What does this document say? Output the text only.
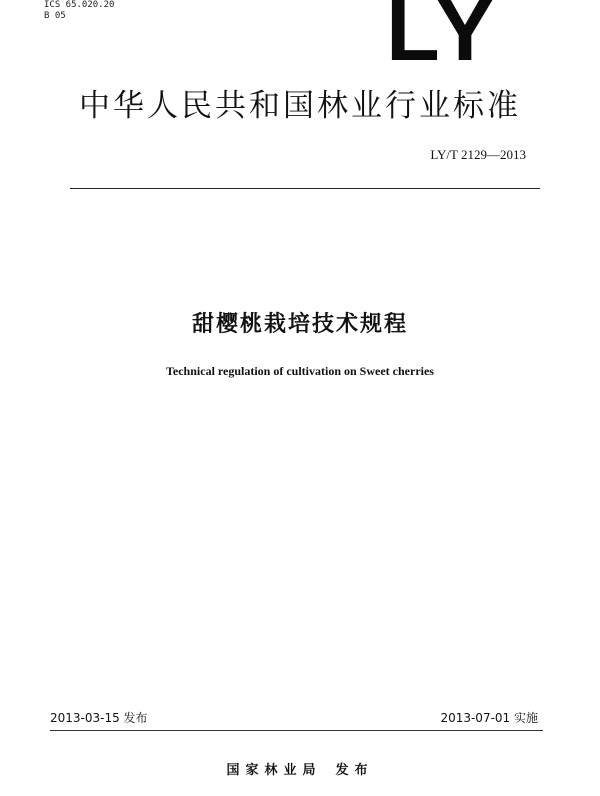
ICS 65.020.20
B 05	LY
中华人民共和国林业行业标准
LY/T 2129—2013
甜樱桃栽培技术规程
Technical regulation of cultivation on Sweet cherries
2013-03-15 发布	2013-07-01 实施
国家林业局 发布
